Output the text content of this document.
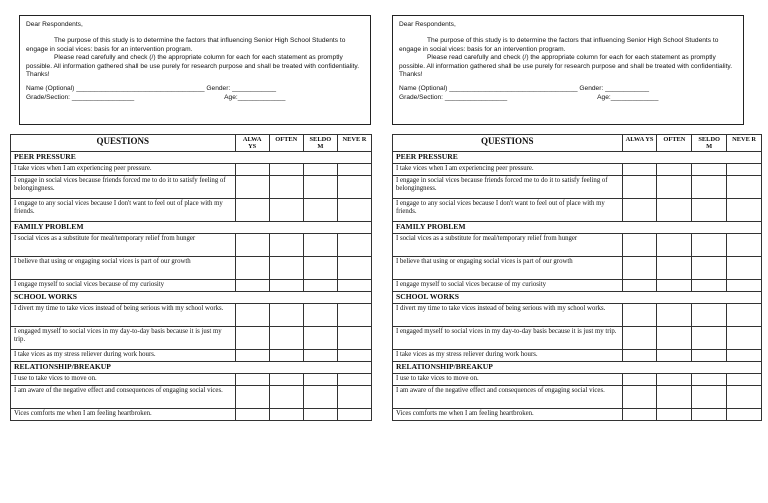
Dear Respondents,

The purpose of this study is to determine the factors that influencing Senior High School Students to engage in social vices: basis for an intervention program.

Please read carefully and check (/) the appropriate column for each for each statement as promptly possible. All information gathered shall be use purely for research purpose and shall be treated with confidentiality. Thanks!

Name (Optional) ___________________________________ Gender: ____________
Grade/Section: _________________	Age:_____________
QUESTIONS	ALWA YS	OFTEN	SELDO M	NEVE R
PEER PRESSURE				
I take vices when I am experiencing peer pressure.				
I engage in social vices because friends forced me to do it to satisfy feeling of belongingness.				
I engage to any social vices because I don't want to feel out of place with my friends.				
FAMILY PROBLEM				
I social vices as a substitute for meal/temporary relief from hunger				
I believe that using or engaging social vices is part of our growth				
I engage myself to social vices because of my curiosity				
SCHOOL WORKS				
I divert my time to take vices instead of being serious with my school works.				
I engaged myself to social vices in my day-to-day basis because it is just my trip.				
I take vices as my stress reliever during work hours.				
RELATIONSHIP/BREAKUP				
I use to take vices to move on.				
I am aware of the negative effect and consequences of engaging social vices.				
Vices comforts me when I am feeling heartbroken.				

Dear Respondents,

The purpose of this study is to determine the factors that influencing Senior High School Students to engage in social vices: basis for an intervention program.

Please read carefully and check (/) the appropriate column for each for each statement as promptly possible. All information gathered shall be use purely for research purpose and shall be treated with confidentiality. Thanks!

Name (Optional) ___________________________________ Gender: ____________
Grade/Section: _________________	Age:_____________
QUESTIONS	ALWA YS	OFTEN	SELDO M	NEVE R
PEER PRESSURE				
I take vices when I am experiencing peer pressure.				
I engage in social vices because friends forced me to do it to satisfy feeling of belongingness.				
I engage to any social vices because I don't want to feel out of place with my friends.				
FAMILY PROBLEM				
I social vices as a substitute for meal/temporary relief from hunger				
I believe that using or engaging social vices is part of our growth				
I engage myself to social vices because of my curiosity				
SCHOOL WORKS				
I divert my time to take vices instead of being serious with my school works.				
I engaged myself to social vices in my day-to-day basis because it is just my trip.				
I take vices as my stress reliever during work hours.				
RELATIONSHIP/BREAKUP				
I use to take vices to move on.				
I am aware of the negative effect and consequences of engaging social vices.				
Vices comforts me when I am feeling heartbroken.				
